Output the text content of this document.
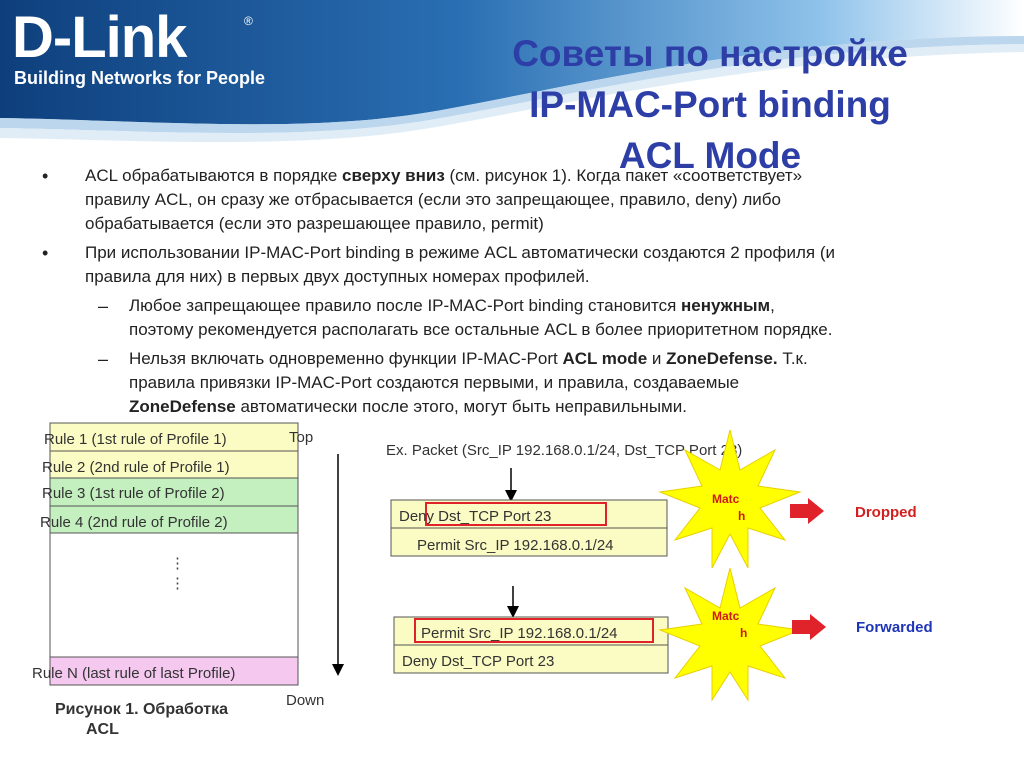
D-Link	®
Building Networks for People
Советы по настройке
IP-MAC-Port binding
ACL Mode
• ACL обрабатываются в порядке сверху вниз (см. рисунок 1). Когда пакет «соответствует»
правилу ACL, он сразу же отбрасывается (если это запрещающее, правило, deny) либо
обрабатывается (если это разрешающее правило, permit)
• При использовании IP-MAC-Port binding в режиме ACL автоматически создаются 2 профиля (и
правила для них) в первых двух доступных номерах профилей.
– Любое запрещающее правило после IP-MAC-Port binding становится ненужным,
поэтому рекомендуется располагать все остальные ACL в более приоритетном порядке.
– Нельзя включать одновременно функции IP-MAC-Port ACL mode и ZoneDefense. Т.к.
правила привязки IP-MAC-Port создаются первыми, и правила, создаваемые
ZoneDefense автоматически после этого, могут быть неправильными.
Rule 1 (1st rule of Profile 1)
Rule 2 (2nd rule of Profile 1)
Rule 3 (1st rule of Profile 2)
Rule 4 (2nd rule of Profile 2)
Rule N (last rule of last Profile)
⋮
⋮
Top
Down
Рисунок 1. Обработка
ACL
Ex. Packet (Src_IP 192.168.0.1/24, Dst_TCP Port 23)
Deny Dst_TCP Port 23
Permit Src_IP 192.168.0.1/24
Matc
h	Dropped
Permit Src_IP 192.168.0.1/24
Deny Dst_TCP Port 23
Matc
h	Forwarded
